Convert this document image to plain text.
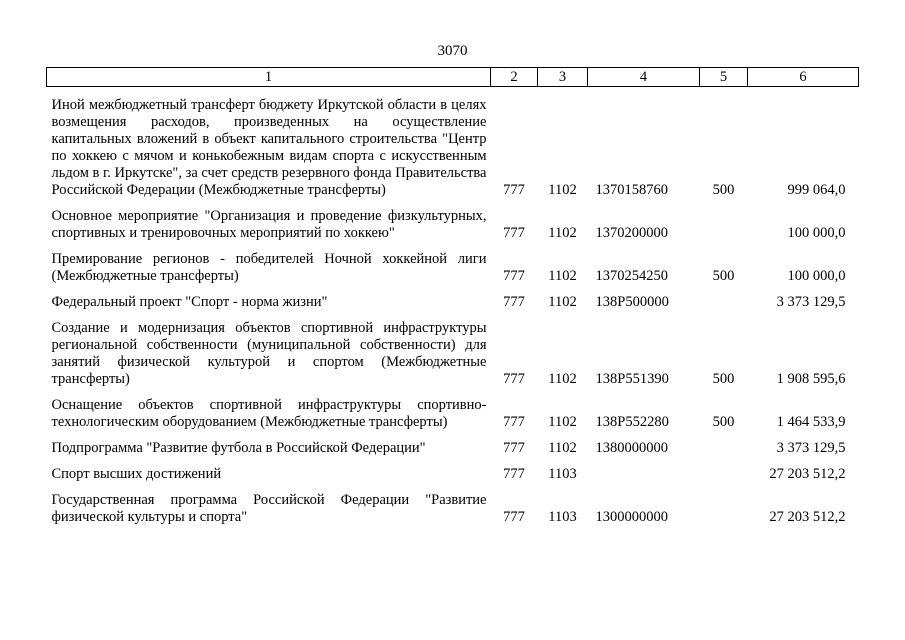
3070
1	2	3	4	5	6
Иной межбюджетный трансферт бюджету Иркутской области в целях возмещения расходов, произведенных на осуществление капитальных вложений в объект капитального строительства "Центр по хоккею с мячом и конькобежным видам спорта с искусственным льдом в г. Иркутске", за счет средств резервного фонда Правительства Российской Федерации (Межбюджетные трансферты)	777	1102	1370158760	500	999 064,0
Основное мероприятие "Организация и проведение физкультурных, спортивных и тренировочных мероприятий по хоккею"	777	1102	1370200000		100 000,0
Премирование регионов - победителей Ночной хоккейной лиги (Межбюджетные трансферты)	777	1102	1370254250	500	100 000,0
Федеральный проект "Спорт - норма жизни"	777	1102	138P500000		3 373 129,5
Создание и модернизация объектов спортивной инфраструктуры региональной собственности (муниципальной собственности) для занятий физической культурой и спортом (Межбюджетные трансферты)	777	1102	138P551390	500	1 908 595,6
Оснащение объектов спортивной инфраструктуры спортивно-технологическим оборудованием (Межбюджетные трансферты)	777	1102	138P552280	500	1 464 533,9
Подпрограмма "Развитие футбола в Российской Федерации"	777	1102	1380000000		3 373 129,5
Спорт высших достижений	777	1103			27 203 512,2
Государственная программа Российской Федерации "Развитие физической культуры и спорта"	777	1103	1300000000		27 203 512,2
